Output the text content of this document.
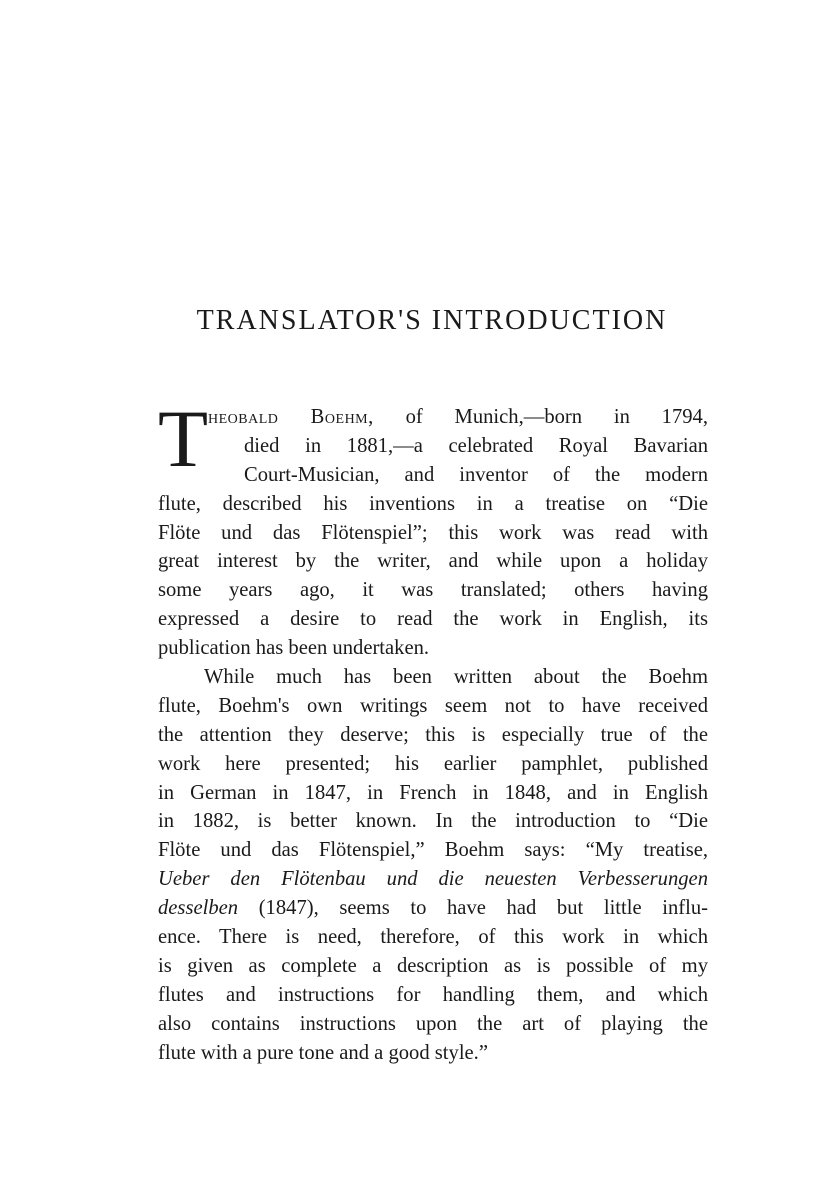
TRANSLATOR'S INTRODUCTION
T heobald Boehm, of Munich,—born in 1794,
died in 1881,—a celebrated Royal Bavarian
Court-Musician, and inventor of the modern
flute, described his inventions in a treatise on “Die
Flöte und das Flötenspiel”; this work was read with
great interest by the writer, and while upon a holiday
some years ago, it was translated; others having
expressed a desire to read the work in English, its
publication has been undertaken.
While much has been written about the Boehm
flute, Boehm's own writings seem not to have received
the attention they deserve; this is especially true of the
work here presented; his earlier pamphlet, published
in German in 1847, in French in 1848, and in English
in 1882, is better known. In the introduction to “Die
Flöte und das Flötenspiel,” Boehm says: “My treatise,
Ueber den Flötenbau und die neuesten Verbesserungen
desselben (1847), seems to have had but little influ-
ence. There is need, therefore, of this work in which
is given as complete a description as is possible of my
flutes and instructions for handling them, and which
also contains instructions upon the art of playing the
flute with a pure tone and a good style.”
